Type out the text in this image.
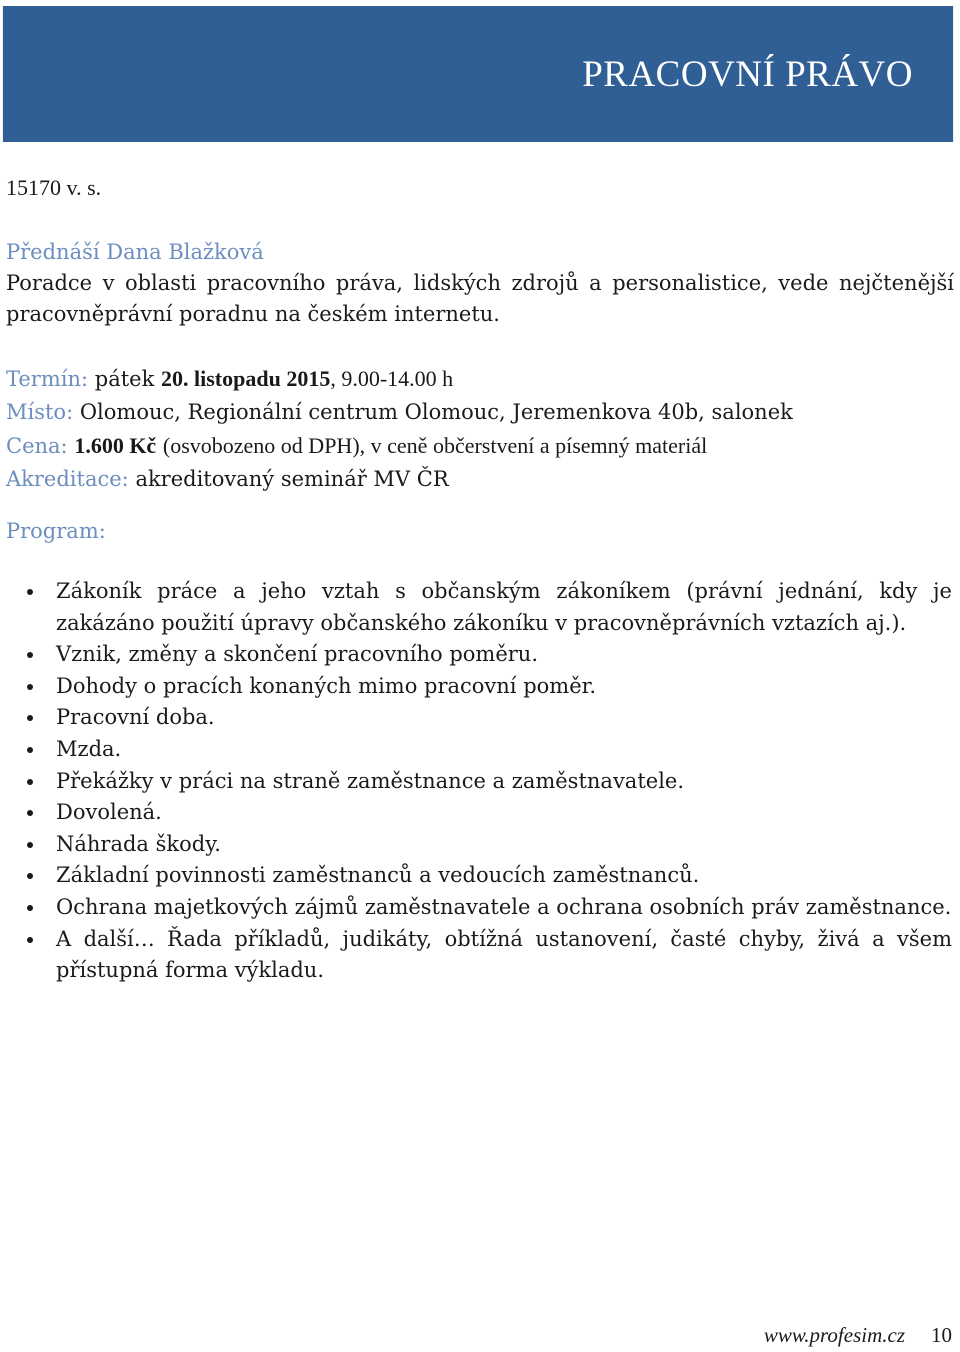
PRACOVNÍ PRÁVO
15170 v. s.
Přednáší Dana Blažková
Poradce v oblasti pracovního práva, lidských zdrojů a personalistice, vede nejčtenější pracovněprávní poradnu na českém internetu.
Termín: pátek 20. listopadu 2015, 9.00-14.00 h
Místo: Olomouc, Regionální centrum Olomouc, Jeremenkova 40b, salonek
Cena: 1.600 Kč (osvobozeno od DPH), v ceně občerstvení a písemný materiál
Akreditace: akreditovaný seminář MV ČR
Program:
Zákoník práce a jeho vztah s občanským zákoníkem (právní jednání, kdy je zakázáno použití úpravy občanského zákoníku v pracovněprávních vztazích aj.).
Vznik, změny a skončení pracovního poměru.
Dohody o pracích konaných mimo pracovní poměr.
Pracovní doba.
Mzda.
Překážky v práci na straně zaměstnance a zaměstnavatele.
Dovolená.
Náhrada škody.
Základní povinnosti zaměstnanců a vedoucích zaměstnanců.
Ochrana majetkových zájmů zaměstnavatele a ochrana osobních práv zaměstnance.
A další… Řada příkladů, judikáty, obtížná ustanovení, časté chyby, živá a všem přístupná forma výkladu.
www.profesim.cz 10
